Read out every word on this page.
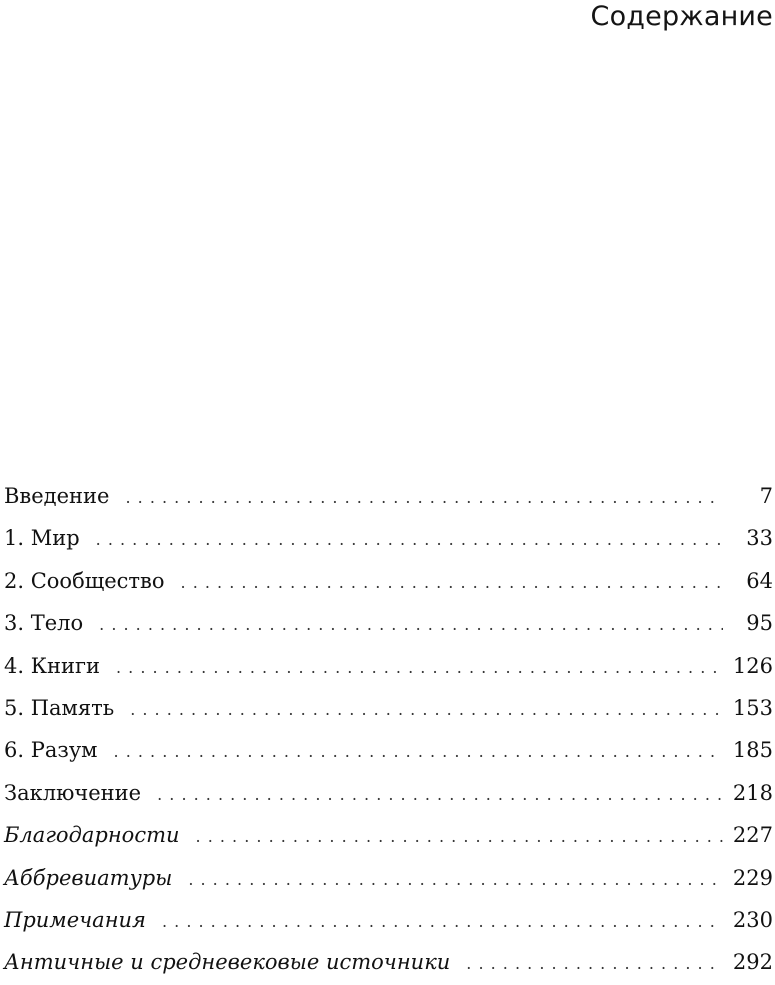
Содержание
Введение . . .	7
1. Мир . . .	33
2. Сообщество . . .	64
3. Тело . . .	95
4. Книги . . .	126
5. Память . . .	153
6. Разум . . .	185
Заключение . . .	218
Благодарности . . .	227
Аббревиатуры . . .	229
Примечания . . .	230
Античные и средневековые источники . . .	292
